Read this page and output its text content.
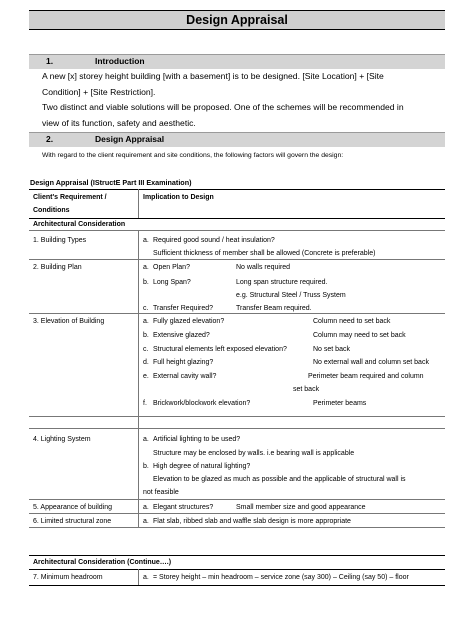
Design Appraisal
1.	Introduction
A new [x] storey height building [with a basement] is to be designed. [Site Location] + [Site
Condition] + [Site Restriction].
Two distinct and viable solutions will be proposed. One of the schemes will be recommended in
view of its function, safety and aesthetic.
2.	Design Appraisal
With regard to the client requirement and site conditions, the following factors will govern the design:
Design Appraisal (IStructE Part III Examination)
Client's Requirement /
Conditions
Implication to Design
Architectural Consideration
1. Building Types	a. Required good sound / heat insulation?
Sufficient thickness of member shall be allowed (Concrete is preferable)
2. Building Plan	a. Open Plan?	No walls required
b. Long Span?	Long span structure required.
e.g. Structural Steel / Truss System
c. Transfer Required?	Transfer Beam required.
3. Elevation of Building	a. Fully glazed elevation?	Column need to set back
b. Extensive glazed?	Column may need to set back
c. Structural elements left exposed elevation?	No set back
d. Full height glazing?	No external wall and column set back
e. External cavity wall?	Perimeter beam required and column
set back
f. Brickwork/blockwork elevation?	Perimeter beams
4. Lighting System	a. Artificial lighting to be used?
Structure may be enclosed by walls. i.e bearing wall is applicable
b. High degree of natural lighting?
Elevation to be glazed as much as possible and the applicable of structural wall is
not feasible
5. Appearance of building	a. Elegant structures?	Small member size and good appearance
6. Limited structural zone	a. Flat slab, ribbed slab and waffle slab design is more appropriate
Architectural Consideration (Continue….)
7. Minimum headroom	a. = Storey height – min headroom – service zone (say 300) – Ceiling (say 50) – floor
